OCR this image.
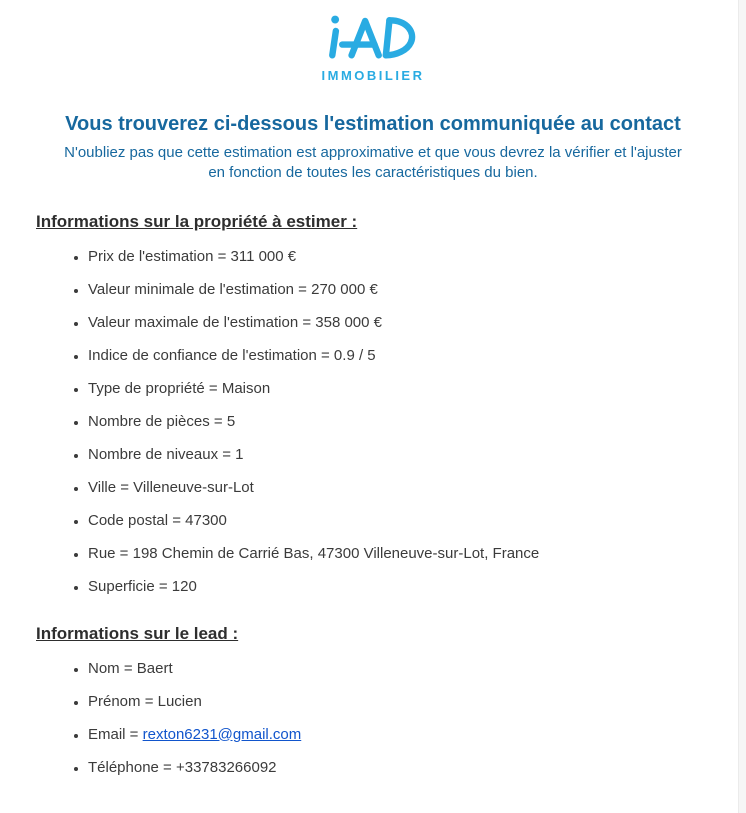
IMMOBILIER
Vous trouverez ci-dessous l'estimation communiquée au contact
N'oubliez pas que cette estimation est approximative et que vous devrez la vérifier et l'ajuster
en fonction de toutes les caractéristiques du bien.
Informations sur la propriété à estimer :
• Prix de l'estimation = 311 000 €
• Valeur minimale de l'estimation = 270 000 €
• Valeur maximale de l'estimation = 358 000 €
• Indice de confiance de l'estimation = 0.9 / 5
• Type de propriété = Maison
• Nombre de pièces = 5
• Nombre de niveaux = 1
• Ville = Villeneuve-sur-Lot
• Code postal = 47300
• Rue = 198 Chemin de Carrié Bas, 47300 Villeneuve-sur-Lot, France
• Superficie = 120
Informations sur le lead :
• Nom = Baert
• Prénom = Lucien
• Email = rexton6231@gmail.com
• Téléphone = +33783266092
